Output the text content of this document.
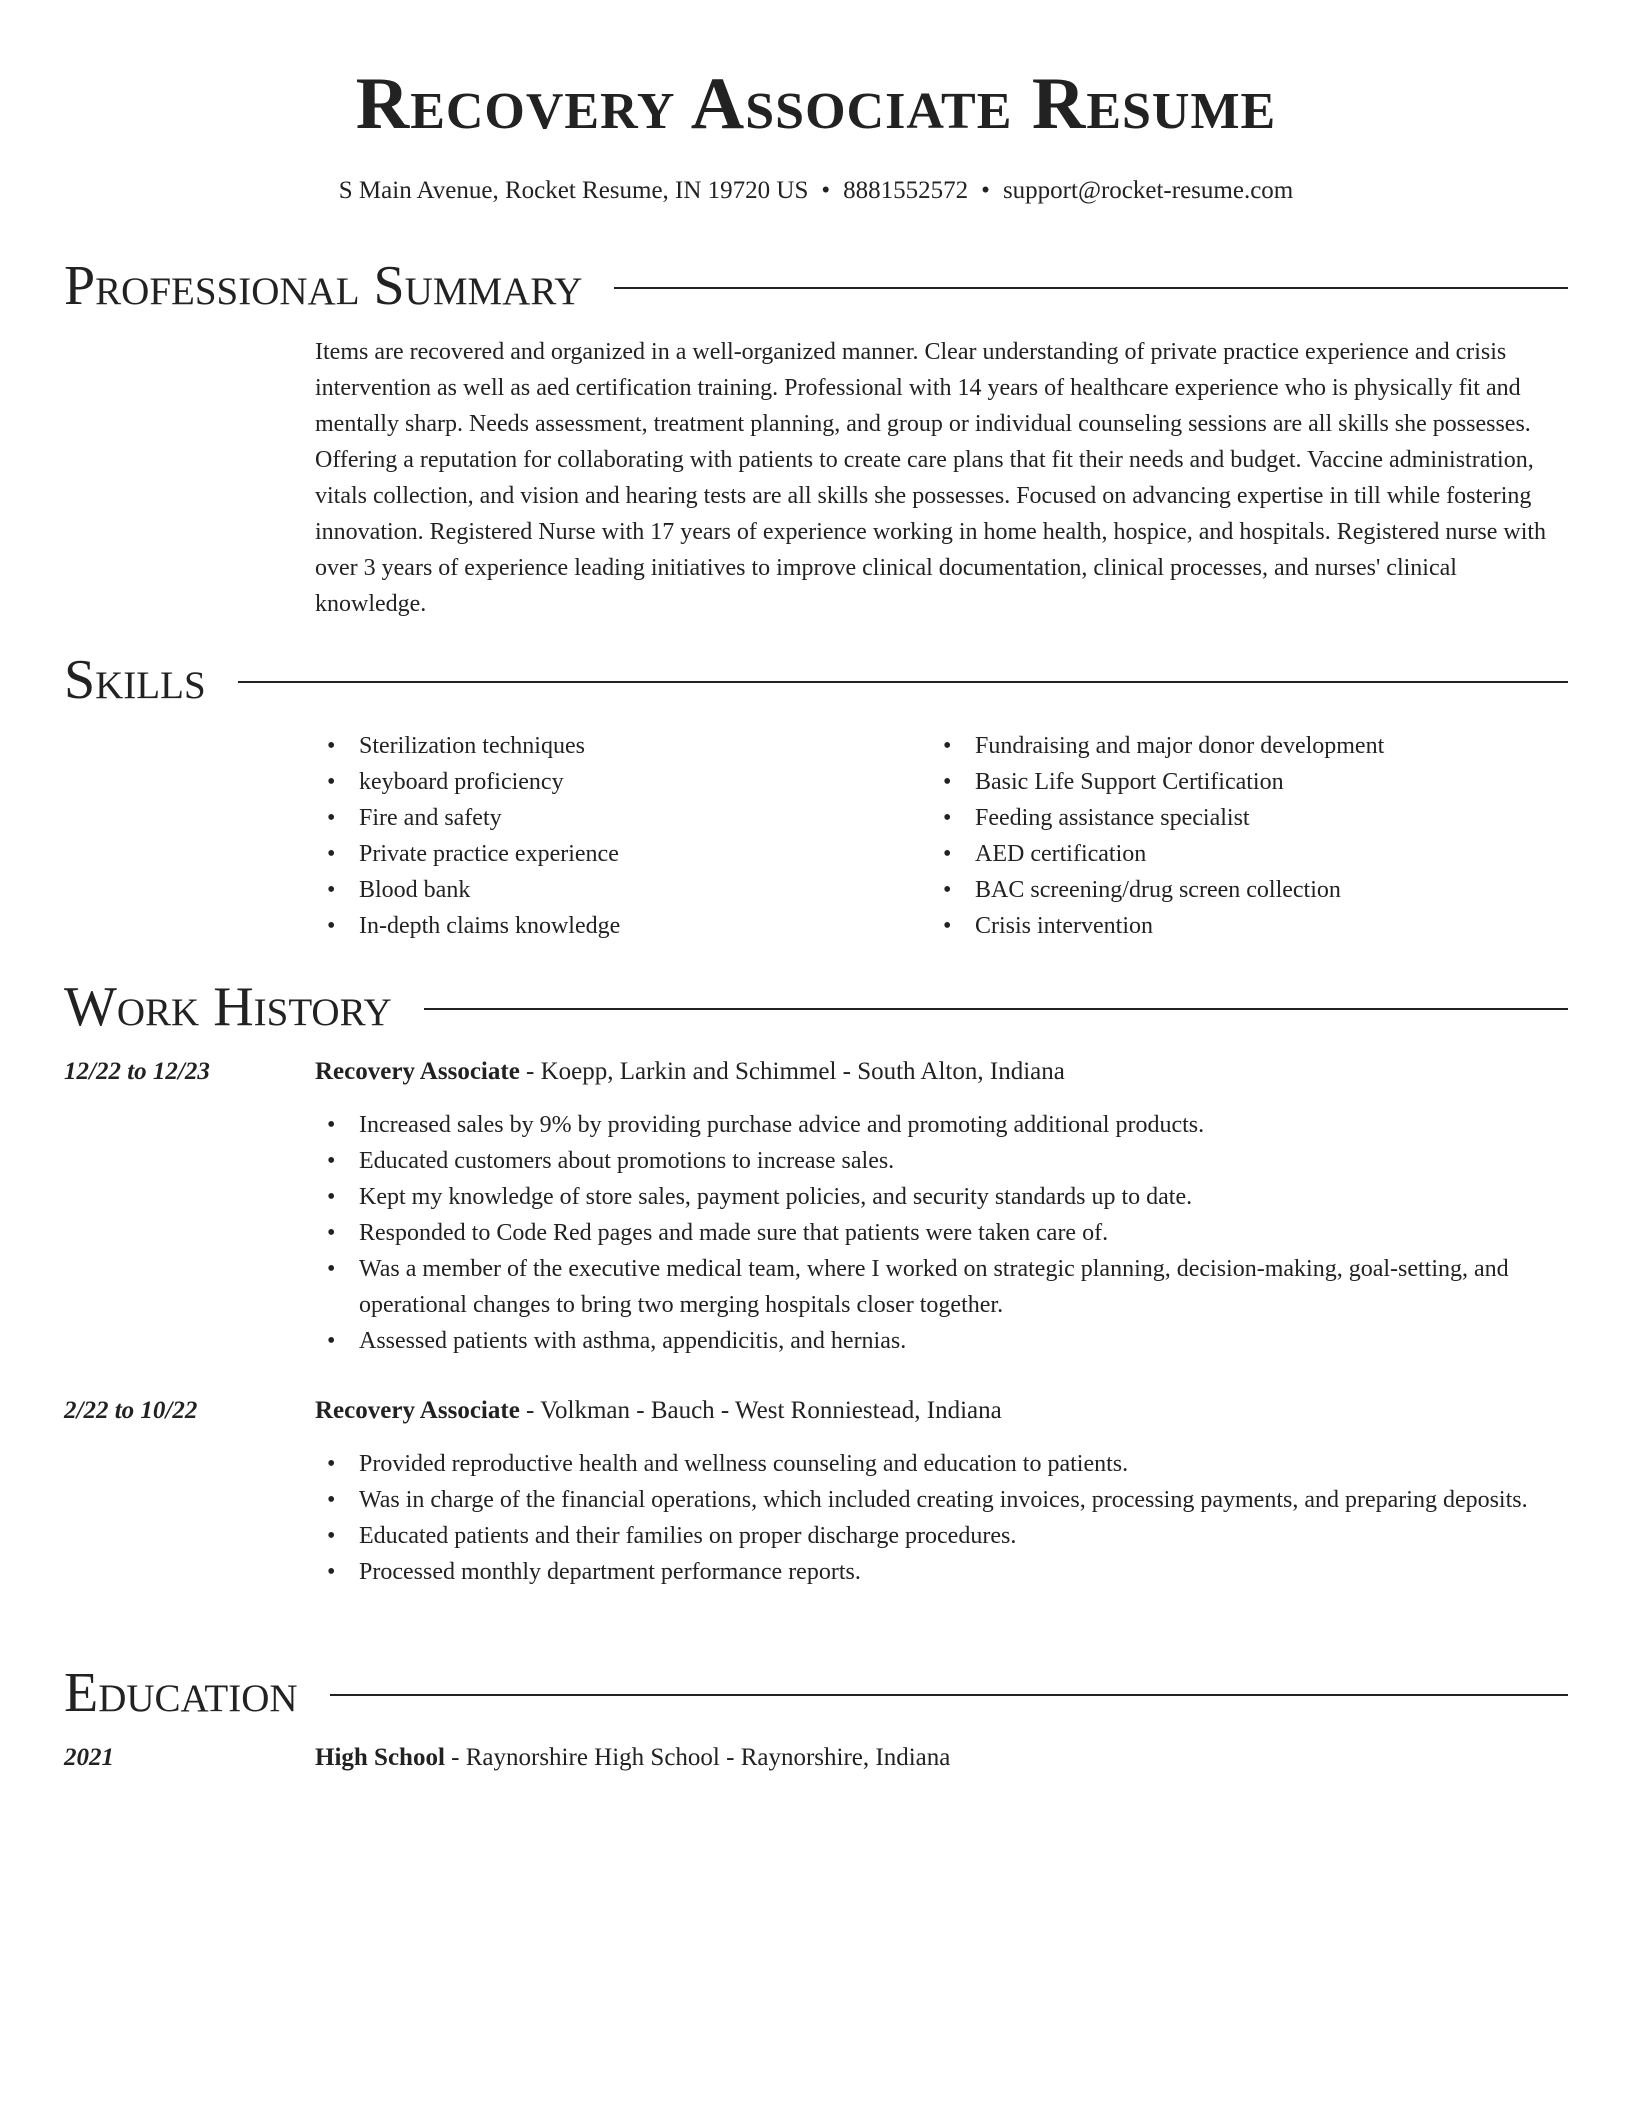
Recovery Associate Resume
S Main Avenue, Rocket Resume, IN 19720 US • 8881552572 • support@rocket-resume.com
Professional Summary

Items are recovered and organized in a well-organized manner. Clear understanding of private practice experience and crisis intervention as well as aed certification training. Professional with 14 years of healthcare experience who is physically fit and mentally sharp. Needs assessment, treatment planning, and group or individual counseling sessions are all skills she possesses. Offering a reputation for collaborating with patients to create care plans that fit their needs and budget. Vaccine administration, vitals collection, and vision and hearing tests are all skills she possesses. Focused on advancing expertise in till while fostering innovation. Registered Nurse with 17 years of experience working in home health, hospice, and hospitals. Registered nurse with over 3 years of experience leading initiatives to improve clinical documentation, clinical processes, and nurses' clinical knowledge.

Skills
• Sterilization techniques
• keyboard proficiency
• Fire and safety
• Private practice experience
• Blood bank
• In-depth claims knowledge
• Fundraising and major donor development
• Basic Life Support Certification
• Feeding assistance specialist
• AED certification
• BAC screening/drug screen collection
• Crisis intervention
Work History
12/22 to 12/23	Recovery Associate - Koepp, Larkin and Schimmel - South Alton, Indiana
• Increased sales by 9% by providing purchase advice and promoting additional products.
• Educated customers about promotions to increase sales.
• Kept my knowledge of store sales, payment policies, and security standards up to date.
• Responded to Code Red pages and made sure that patients were taken care of.
• Was a member of the executive medical team, where I worked on strategic planning, decision-making, goal-setting, and operational changes to bring two merging hospitals closer together.
• Assessed patients with asthma, appendicitis, and hernias.
2/22 to 10/22	Recovery Associate - Volkman - Bauch - West Ronniestead, Indiana
• Provided reproductive health and wellness counseling and education to patients.
• Was in charge of the financial operations, which included creating invoices, processing payments, and preparing deposits.
• Educated patients and their families on proper discharge procedures.
• Processed monthly department performance reports.
Education
2021	High School - Raynorshire High School - Raynorshire, Indiana
